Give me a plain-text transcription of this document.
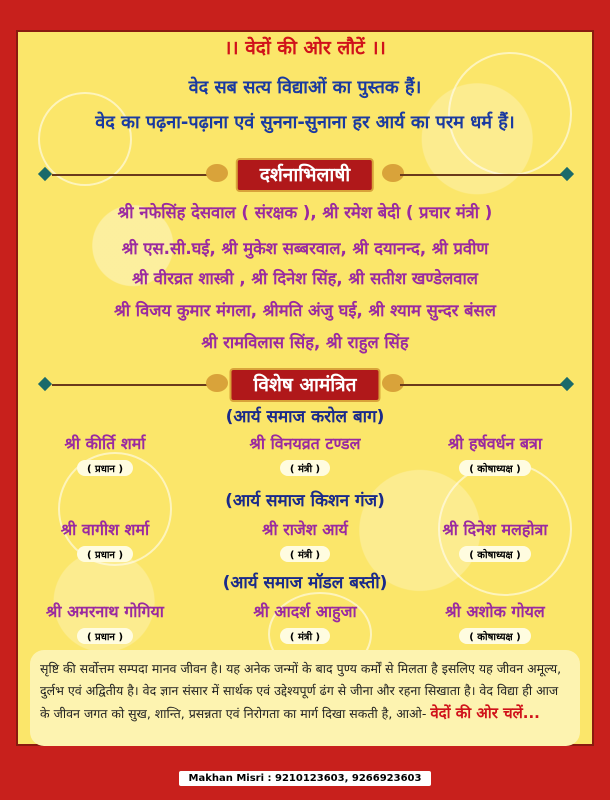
।। वेदों की ओर लौटें ।।
वेद सब सत्य विद्याओं का पुस्तक हैं।
वेद का पढ़ना-पढ़ाना एवं सुनना-सुनाना हर आर्य का परम धर्म हैं।
दर्शनाभिलाषी
श्री नफेसिंह देसवाल ( संरक्षक ), श्री रमेश बेदी ( प्रचार मंत्री )
श्री एस.सी.घई, श्री मुकेश सब्बरवाल, श्री दयानन्द, श्री प्रवीण
श्री वीरव्रत शास्त्री , श्री दिनेश सिंह, श्री सतीश खण्डेलवाल
श्री विजय कुमार मंगला, श्रीमति अंजु घई, श्री श्याम सुन्दर बंसल
श्री रामविलास सिंह, श्री राहुल सिंह
विशेष आमंत्रित
(आर्य समाज करोल बाग)
श्री कीर्ति शर्मा
( प्रधान )
श्री विनयव्रत टण्डल
( मंत्री )
श्री हर्षवर्धन बत्रा
( कोषाध्यक्ष )
(आर्य समाज किशन गंज)
श्री वागीश शर्मा
( प्रधान )
श्री राजेश आर्य
( मंत्री )
श्री दिनेश मलहोत्रा
( कोषाध्यक्ष )
(आर्य समाज मॉडल बस्ती)
श्री अमरनाथ गोगिया
( प्रधान )
श्री आदर्श आहुजा
( मंत्री )
श्री अशोक गोयल
( कोषाध्यक्ष )
सृष्टि की सर्वोत्तम सम्पदा मानव जीवन है। यह अनेक जन्मों के बाद पुण्य कर्मों से मिलता है इसलिए यह जीवन अमूल्य, दुर्लभ एवं अद्वितीय है। वेद ज्ञान संसार में सार्थक एवं उद्देश्यपूर्ण ढंग से जीना और रहना सिखाता है। वेद विद्या ही आज के जीवन जगत को सुख, शान्ति, प्रसन्नता एवं निरोगता का मार्ग दिखा सकती है, आओ- वेदों की ओर चलें...
Makhan Misri : 9210123603, 9266923603
